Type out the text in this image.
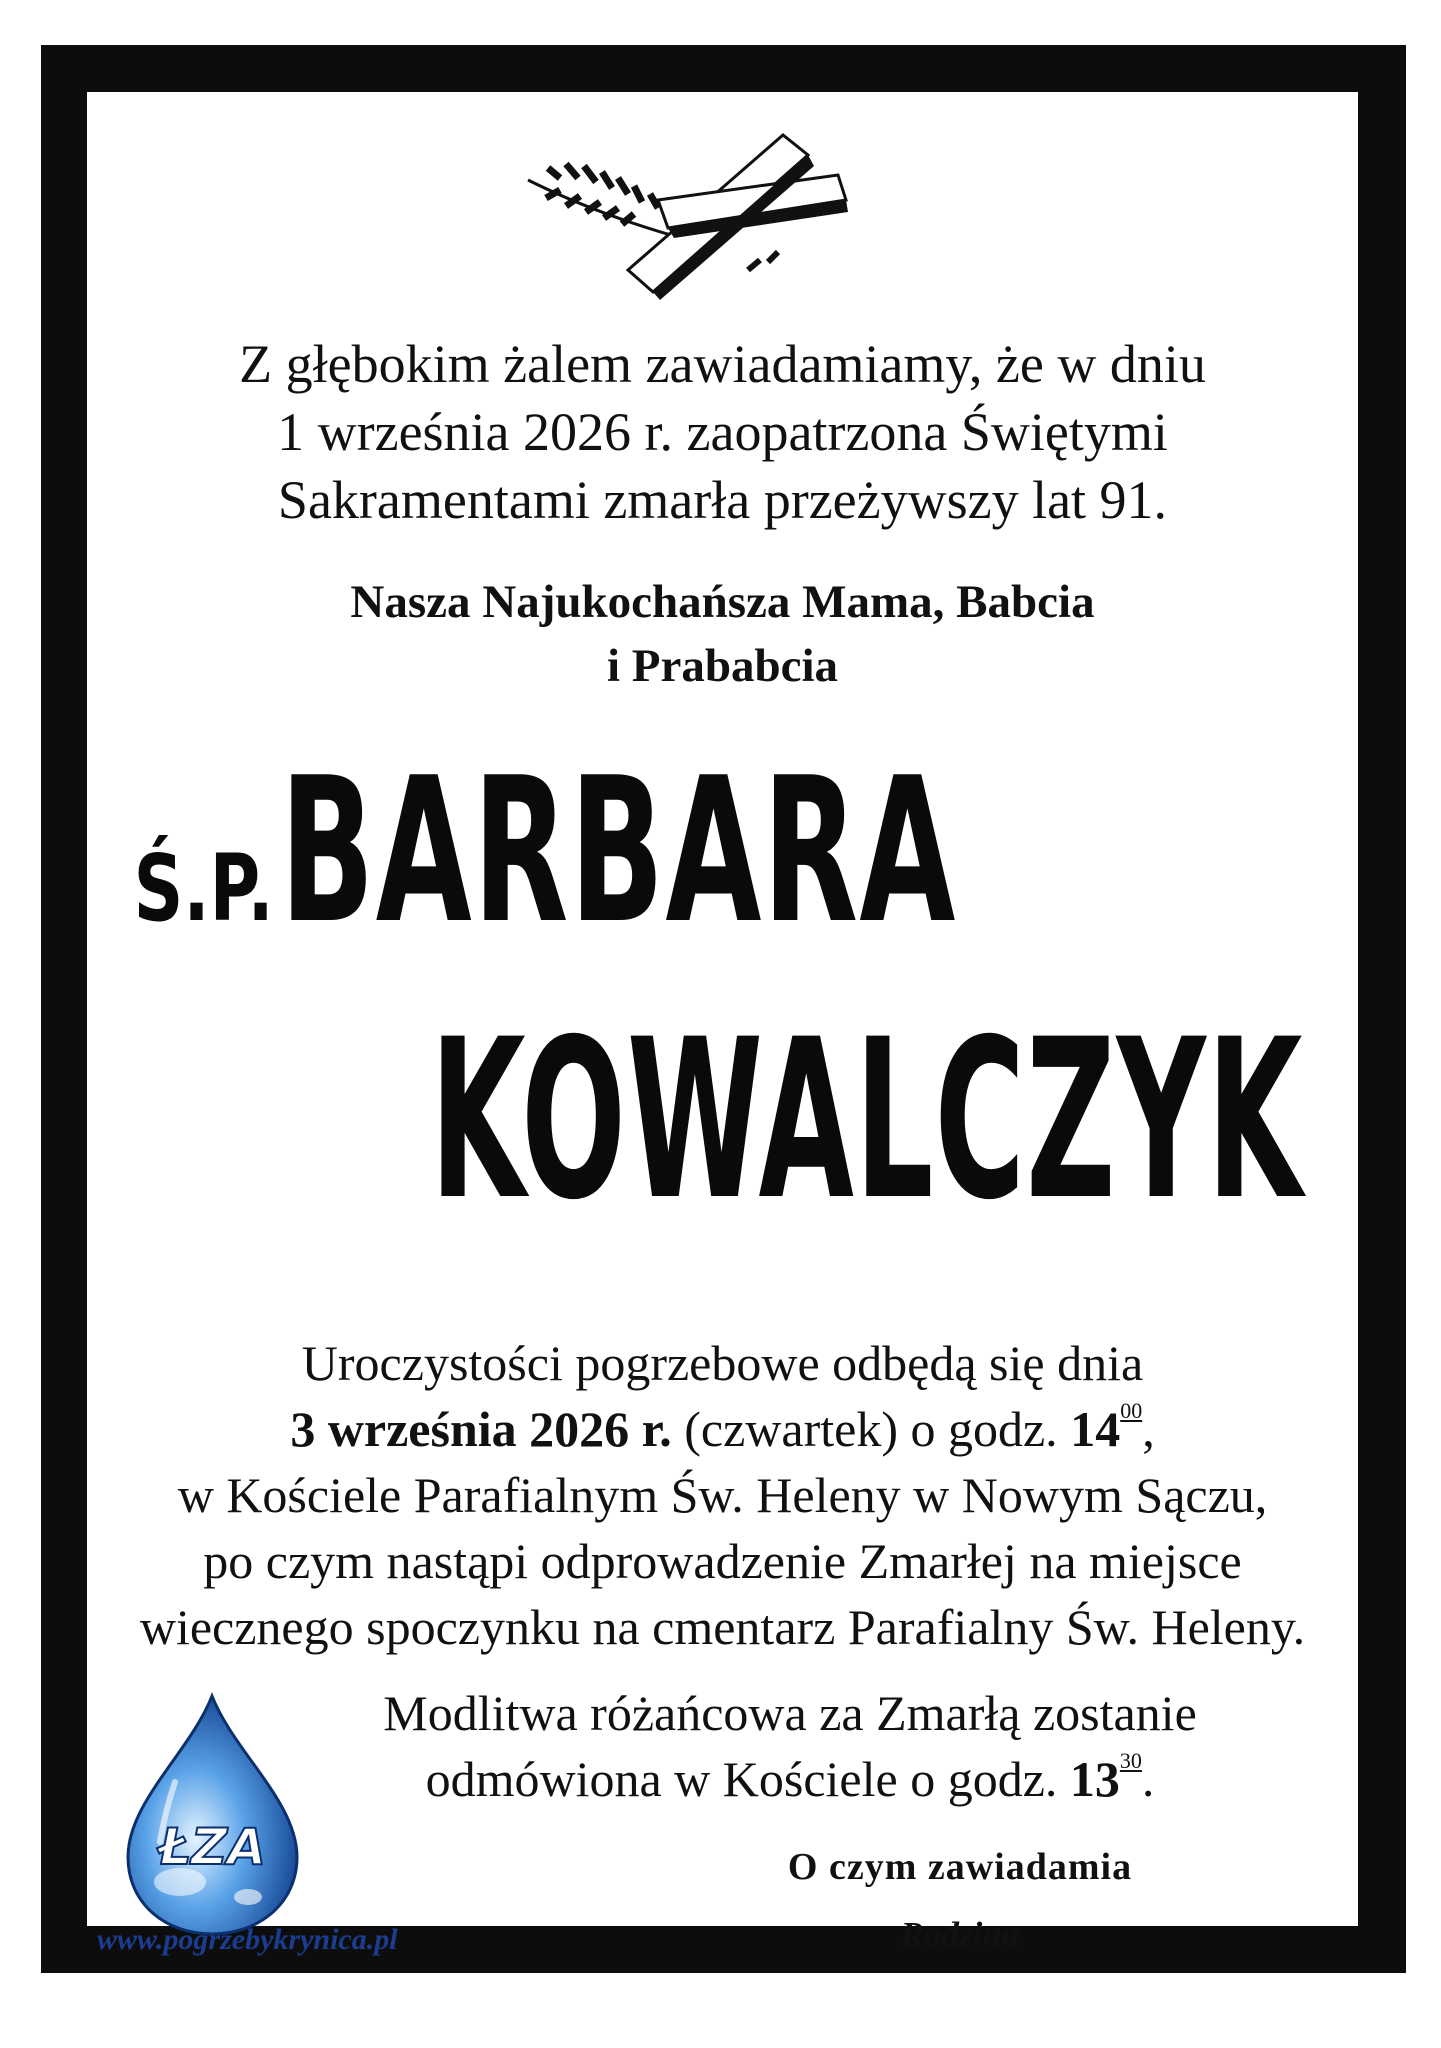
Z głębokim żalem zawiadamiamy, że w dniu
1 września 2026 r. zaopatrzona Świętymi
Sakramentami zmarła przeżywszy lat 91.
Nasza Najukochańsza Mama, Babcia
i Prababcia
Ś.P.BARBARA
KOWALCZYK
Uroczystości pogrzebowe odbędą się dnia
3 września 2026 r. (czwartek) o godz. $14^{00}$,
w Kościele Parafialnym Św. Heleny w Nowym Sączu,
po czym nastąpi odprowadzenie Zmarłej na miejsce
wiecznego spoczynku na cmentarz Parafialny Św. Heleny.
Modlitwa różańcowa za Zmarłą zostanie
odmówiona w Kościele o godz. $13^{30}$.
O czym zawiadamia
Rodzina
ŁZA
www.pogrzebykrynica.pl
Zakład Pogrzebowy „ŁZA” Krynica-Zdrój, ul. Kraszewskiego 70, tel. 18-471-20-25, 604 473 339
